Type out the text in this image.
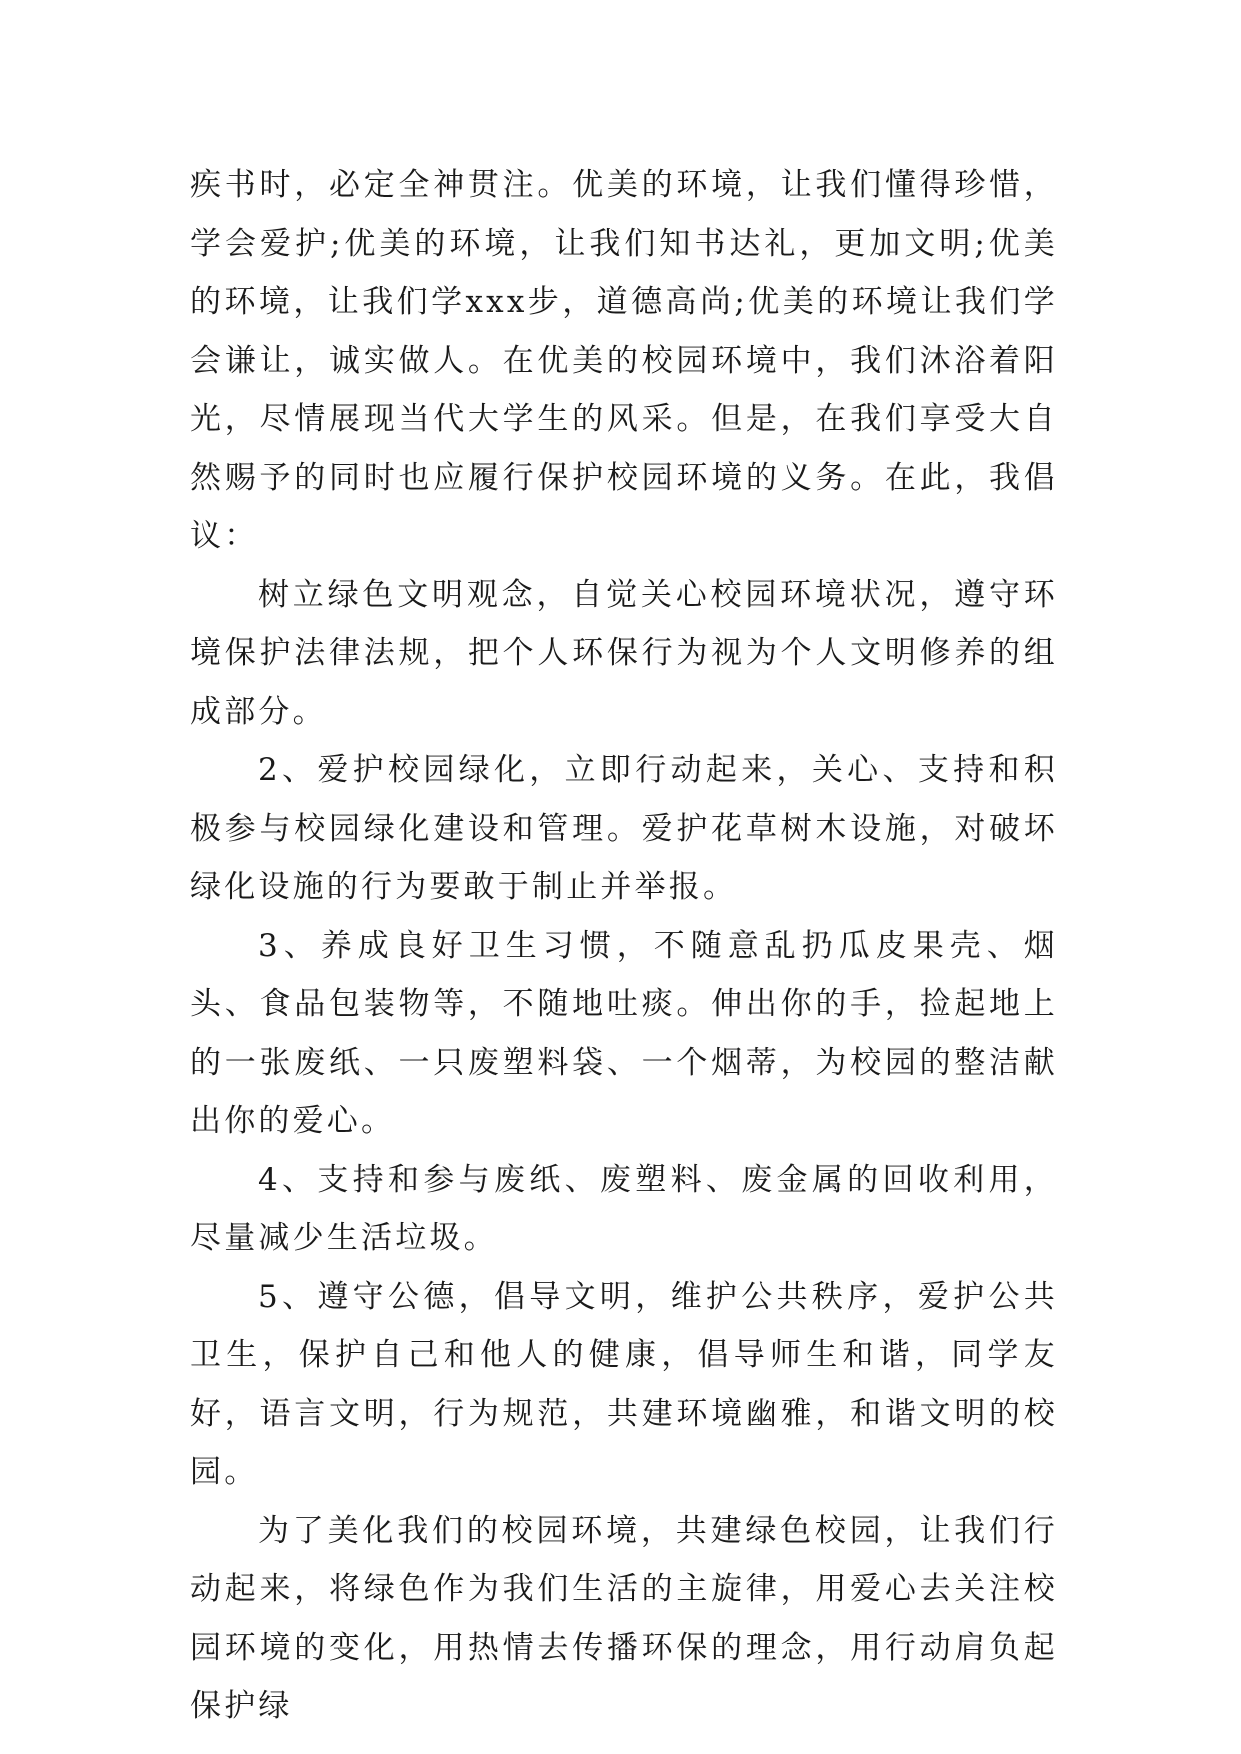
疾书时，必定全神贯注。优美的环境，让我们懂得珍惜，学会爱护;优美的环境，让我们知书达礼，更加文明;优美的环境，让我们学xxx步，道德高尚;优美的环境让我们学会谦让，诚实做人。在优美的校园环境中，我们沐浴着阳光，尽情展现当代大学生的风采。但是，在我们享受大自然赐予的同时也应履行保护校园环境的义务。在此，我倡议：

树立绿色文明观念，自觉关心校园环境状况，遵守环境保护法律法规，把个人环保行为视为个人文明修养的组成部分。

2、爱护校园绿化，立即行动起来，关心、支持和积极参与校园绿化建设和管理。爱护花草树木设施，对破坏绿化设施的行为要敢于制止并举报。

3、养成良好卫生习惯，不随意乱扔瓜皮果壳、烟头、食品包装物等，不随地吐痰。伸出你的手，捡起地上的一张废纸、一只废塑料袋、一个烟蒂，为校园的整洁献出你的爱心。

4、支持和参与废纸、废塑料、废金属的回收利用，尽量减少生活垃圾。

5、遵守公德，倡导文明，维护公共秩序，爱护公共卫生，保护自己和他人的健康，倡导师生和谐，同学友好，语言文明，行为规范，共建环境幽雅，和谐文明的校园。

为了美化我们的校园环境，共建绿色校园，让我们行动起来，将绿色作为我们生活的主旋律，用爱心去关注校园环境的变化，用热情去传播环保的理念，用行动肩负起保护绿
